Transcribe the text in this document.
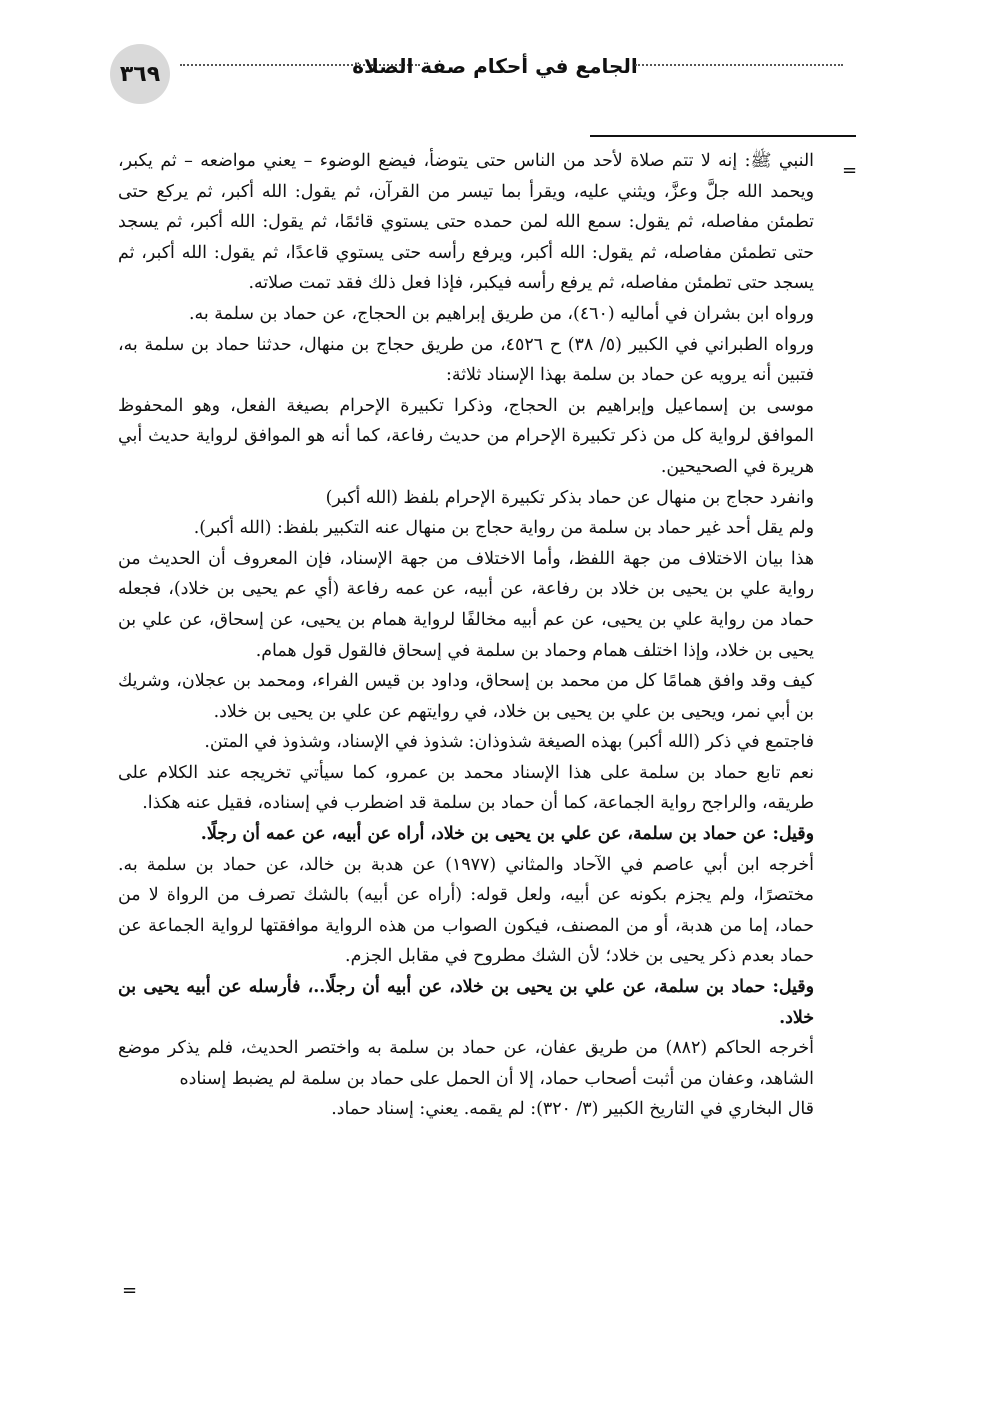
٣٦٩	الجامع في أحكام صفة الصلاة
=

النبي ﷺ: إنه لا تتم صلاة لأحد من الناس حتى يتوضأ، فيضع الوضوء – يعني مواضعه – ثم يكبر، ويحمد الله جلَّ وعزَّ، ويثني عليه، ويقرأ بما تيسر من القرآن، ثم يقول: الله أكبر، ثم يركع حتى تطمئن مفاصله، ثم يقول: سمع الله لمن حمده حتى يستوي قائمًا، ثم يقول: الله أكبر، ثم يسجد حتى تطمئن مفاصله، ثم يقول: الله أكبر، ويرفع رأسه حتى يستوي قاعدًا، ثم يقول: الله أكبر، ثم يسجد حتى تطمئن مفاصله، ثم يرفع رأسه فيكبر، فإذا فعل ذلك فقد تمت صلاته.

ورواه ابن بشران في أماليه (٤٦٠)، من طريق إبراهيم بن الحجاج، عن حماد بن سلمة به.

ورواه الطبراني في الكبير (٥/ ٣٨) ح ٤٥٢٦، من طريق حجاج بن منهال، حدثنا حماد بن سلمة به، فتبين أنه يرويه عن حماد بن سلمة بهذا الإسناد ثلاثة:

موسى بن إسماعيل وإبراهيم بن الحجاج، وذكرا تكبيرة الإحرام بصيغة الفعل، وهو المحفوظ الموافق لرواية كل من ذكر تكبيرة الإحرام من حديث رفاعة، كما أنه هو الموافق لرواية حديث أبي هريرة في الصحيحين.

وانفرد حجاج بن منهال عن حماد بذكر تكبيرة الإحرام بلفظ (الله أكبر)

ولم يقل أحد غير حماد بن سلمة من رواية حجاج بن منهال عنه التكبير بلفظ: (الله أكبر).

هذا بيان الاختلاف من جهة اللفظ، وأما الاختلاف من جهة الإسناد، فإن المعروف أن الحديث من رواية علي بن يحيى بن خلاد بن رفاعة، عن أبيه، عن عمه رفاعة (أي عم يحيى بن خلاد)، فجعله حماد من رواية علي بن يحيى، عن عم أبيه مخالفًا لرواية همام بن يحيى، عن إسحاق، عن علي بن يحيى بن خلاد، وإذا اختلف همام وحماد بن سلمة في إسحاق فالقول قول همام.

كيف وقد وافق همامًا كل من محمد بن إسحاق، وداود بن قيس الفراء، ومحمد بن عجلان، وشريك بن أبي نمر، ويحيى بن علي بن يحيى بن خلاد، في روايتهم عن علي بن يحيى بن خلاد.

فاجتمع في ذكر (الله أكبر) بهذه الصيغة شذوذان: شذوذ في الإسناد، وشذوذ في المتن.

نعم تابع حماد بن سلمة على هذا الإسناد محمد بن عمرو، كما سيأتي تخريجه عند الكلام على طريقه، والراجح رواية الجماعة، كما أن حماد بن سلمة قد اضطرب في إسناده، فقيل عنه هكذا.

وقيل: عن حماد بن سلمة، عن علي بن يحيى بن خلاد، أراه عن أبيه، عن عمه أن رجلًا.

أخرجه ابن أبي عاصم في الآحاد والمثاني (١٩٧٧) عن هدبة بن خالد، عن حماد بن سلمة به. مختصرًا، ولم يجزم بكونه عن أبيه، ولعل قوله: (أراه عن أبيه) بالشك تصرف من الرواة لا من حماد، إما من هدبة، أو من المصنف، فيكون الصواب من هذه الرواية موافقتها لرواية الجماعة عن حماد بعدم ذكر يحيى بن خلاد؛ لأن الشك مطروح في مقابل الجزم.

وقيل: حماد بن سلمة، عن علي بن يحيى بن خلاد، عن أبيه أن رجلًا..، فأرسله عن أبيه يحيى بن خلاد.

أخرجه الحاكم (٨٨٢) من طريق عفان، عن حماد بن سلمة به واختصر الحديث، فلم يذكر موضع الشاهد، وعفان من أثبت أصحاب حماد، إلا أن الحمل على حماد بن سلمة لم يضبط إسناده

قال البخاري في التاريخ الكبير (٣/ ٣٢٠): لم يقمه. يعني: إسناد حماد.

=
